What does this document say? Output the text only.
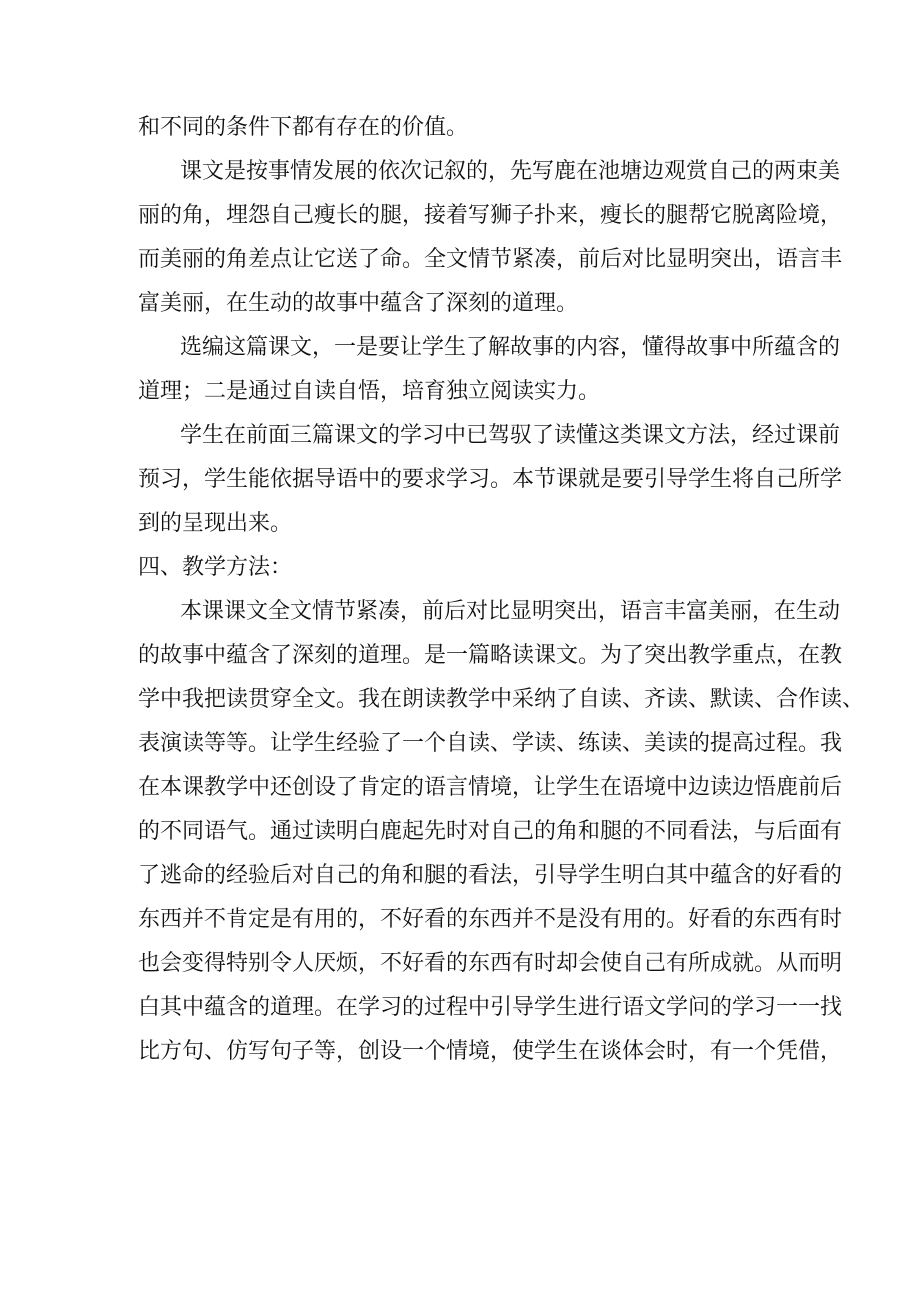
和不同的条件下都有存在的价值。
课文是按事情发展的依次记叙的，先写鹿在池塘边观赏自己的两束美
丽的角，埋怨自己瘦长的腿，接着写狮子扑来，瘦长的腿帮它脱离险境，
而美丽的角差点让它送了命。全文情节紧凑，前后对比显明突出，语言丰
富美丽，在生动的故事中蕴含了深刻的道理。
选编这篇课文，一是要让学生了解故事的内容，懂得故事中所蕴含的
道理；二是通过自读自悟，培育独立阅读实力。
学生在前面三篇课文的学习中已驾驭了读懂这类课文方法，经过课前
预习，学生能依据导语中的要求学习。本节课就是要引导学生将自己所学
到的呈现出来。
四、教学方法：
本课课文全文情节紧凑，前后对比显明突出，语言丰富美丽，在生动
的故事中蕴含了深刻的道理。是一篇略读课文。为了突出教学重点，在教
学中我把读贯穿全文。我在朗读教学中采纳了自读、齐读、默读、合作读、
表演读等等。让学生经验了一个自读、学读、练读、美读的提高过程。我
在本课教学中还创设了肯定的语言情境，让学生在语境中边读边悟鹿前后
的不同语气。通过读明白鹿起先时对自己的角和腿的不同看法，与后面有
了逃命的经验后对自己的角和腿的看法，引导学生明白其中蕴含的好看的
东西并不肯定是有用的，不好看的东西并不是没有用的。好看的东西有时
也会变得特别令人厌烦，不好看的东西有时却会使自己有所成就。从而明
白其中蕴含的道理。在学习的过程中引导学生进行语文学问的学习一一找
比方句、仿写句子等，创设一个情境，使学生在谈体会时，有一个凭借，
